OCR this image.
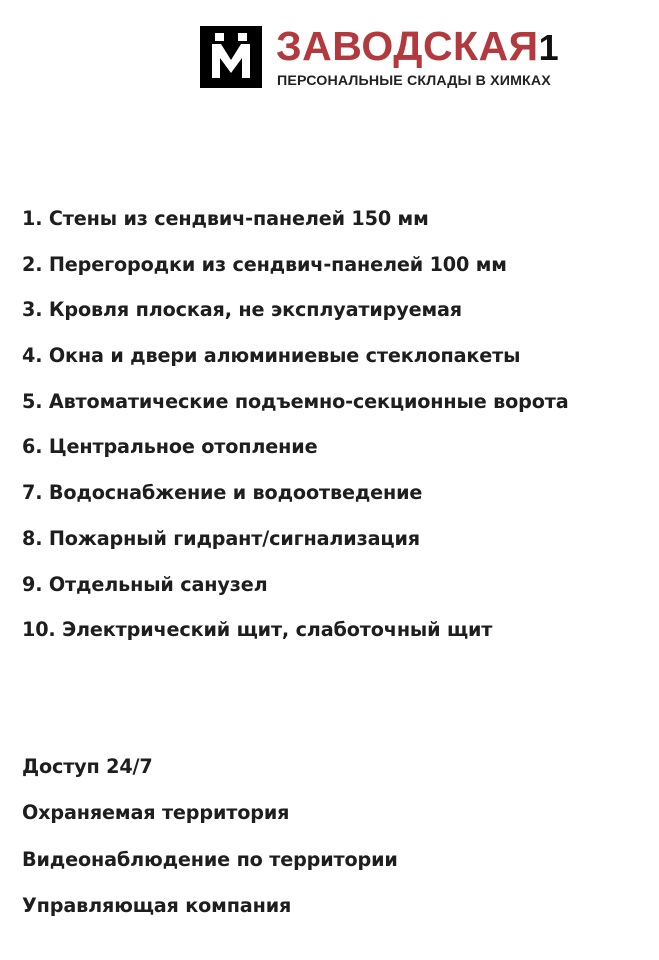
ЗАВОДСКАЯ1
ПЕРСОНАЛЬНЫЕ СКЛАДЫ В ХИМКАХ
1. Стены из сендвич-панелей 150 мм
2. Перегородки из сендвич-панелей 100 мм
3. Кровля плоская, не эксплуатируемая
4. Окна и двери алюминиевые стеклопакеты
5. Автоматические подъемно-секционные ворота
6. Центральное отопление
7. Водоснабжение и водоотведение
8. Пожарный гидрант/сигнализация
9. Отдельный санузел
10. Электрический щит, слаботочный щит
Доступ 24/7
Охраняемая территория
Видеонаблюдение по территории
Управляющая компания
